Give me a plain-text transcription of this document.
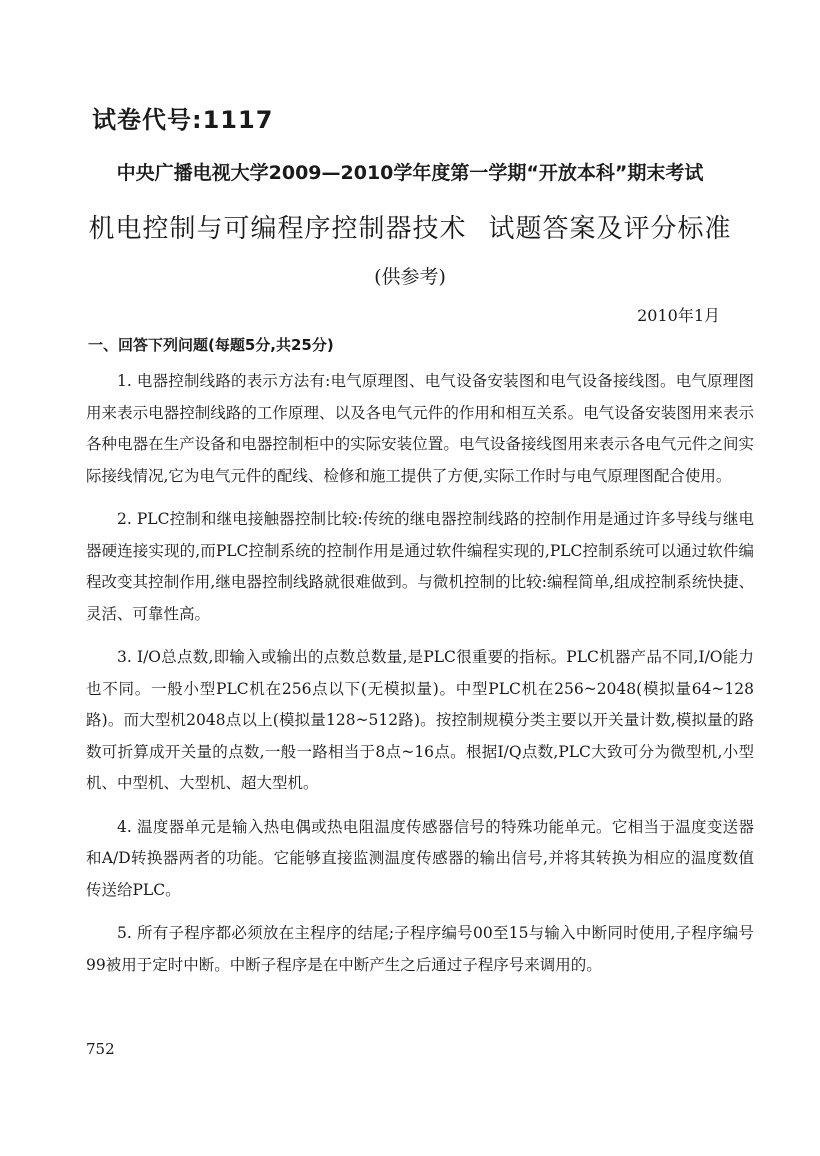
试卷代号:1117
中央广播电视大学2009—2010学年度第一学期“开放本科”期末考试
机电控制与可编程序控制器技术 试题答案及评分标准
(供参考)
2010年1月
一、回答下列问题(每题5分,共25分)

1. 电器控制线路的表示方法有:电气原理图、电气设备安装图和电气设备接线图。电气原理图用来表示电器控制线路的工作原理、以及各电气元件的作用和相互关系。电气设备安装图用来表示各种电器在生产设备和电器控制柜中的实际安装位置。电气设备接线图用来表示各电气元件之间实际接线情况,它为电气元件的配线、检修和施工提供了方便,实际工作时与电气原理图配合使用。

2. PLC控制和继电接触器控制比较:传统的继电器控制线路的控制作用是通过许多导线与继电器硬连接实现的,而PLC控制系统的控制作用是通过软件编程实现的,PLC控制系统可以通过软件编程改变其控制作用,继电器控制线路就很难做到。与微机控制的比较:编程简单,组成控制系统快捷、灵活、可靠性高。

3. I/O总点数,即输入或输出的点数总数量,是PLC很重要的指标。PLC机器产品不同,I/O能力也不同。一般小型PLC机在256点以下(无模拟量)。中型PLC机在256~2048(模拟量64~128路)。而大型机2048点以上(模拟量128~512路)。按控制规模分类主要以开关量计数,模拟量的路数可折算成开关量的点数,一般一路相当于8点~16点。根据I/Q点数,PLC大致可分为微型机,小型机、中型机、大型机、超大型机。

4. 温度器单元是输入热电偶或热电阻温度传感器信号的特殊功能单元。它相当于温度变送器和A/D转换器两者的功能。它能够直接监测温度传感器的输出信号,并将其转换为相应的温度数值传送给PLC。

5. 所有子程序都必须放在主程序的结尾;子程序编号00至15与输入中断同时使用,子程序编号99被用于定时中断。中断子程序是在中断产生之后通过子程序号来调用的。

752
